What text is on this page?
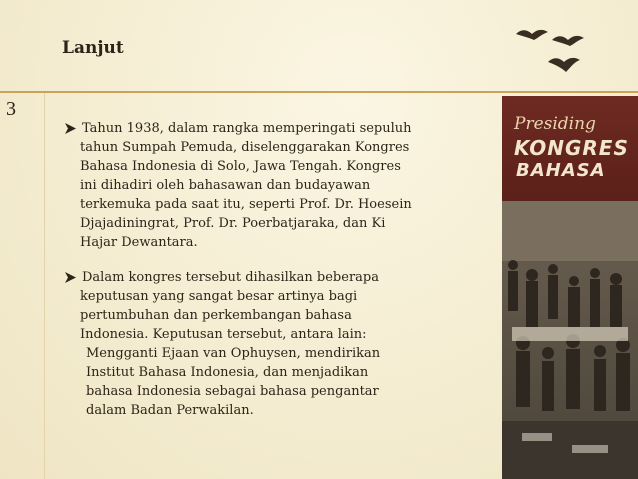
Lanjut
3
Tahun 1938, dalam rangka memperingati sepuluh
tahun Sumpah Pemuda, diselenggarakan Kongres
Bahasa Indonesia di Solo, Jawa Tengah. Kongres
ini dihadiri oleh bahasawan dan budayawan
terkemuka pada saat itu, seperti Prof. Dr. Hoesein
Djajadiningrat, Prof. Dr. Poerbatjaraka, dan Ki
Hajar Dewantara.
Dalam kongres tersebut dihasilkan beberapa
keputusan yang sangat besar artinya bagi
pertumbuhan dan perkembangan bahasa
Indonesia. Keputusan tersebut, antara lain:
Mengganti Ejaan van Ophuysen, mendirikan
Institut Bahasa Indonesia, dan menjadikan
bahasa Indonesia sebagai bahasa pengantar
dalam Badan Perwakilan.
Presiding
KONGRES
BAHASA
